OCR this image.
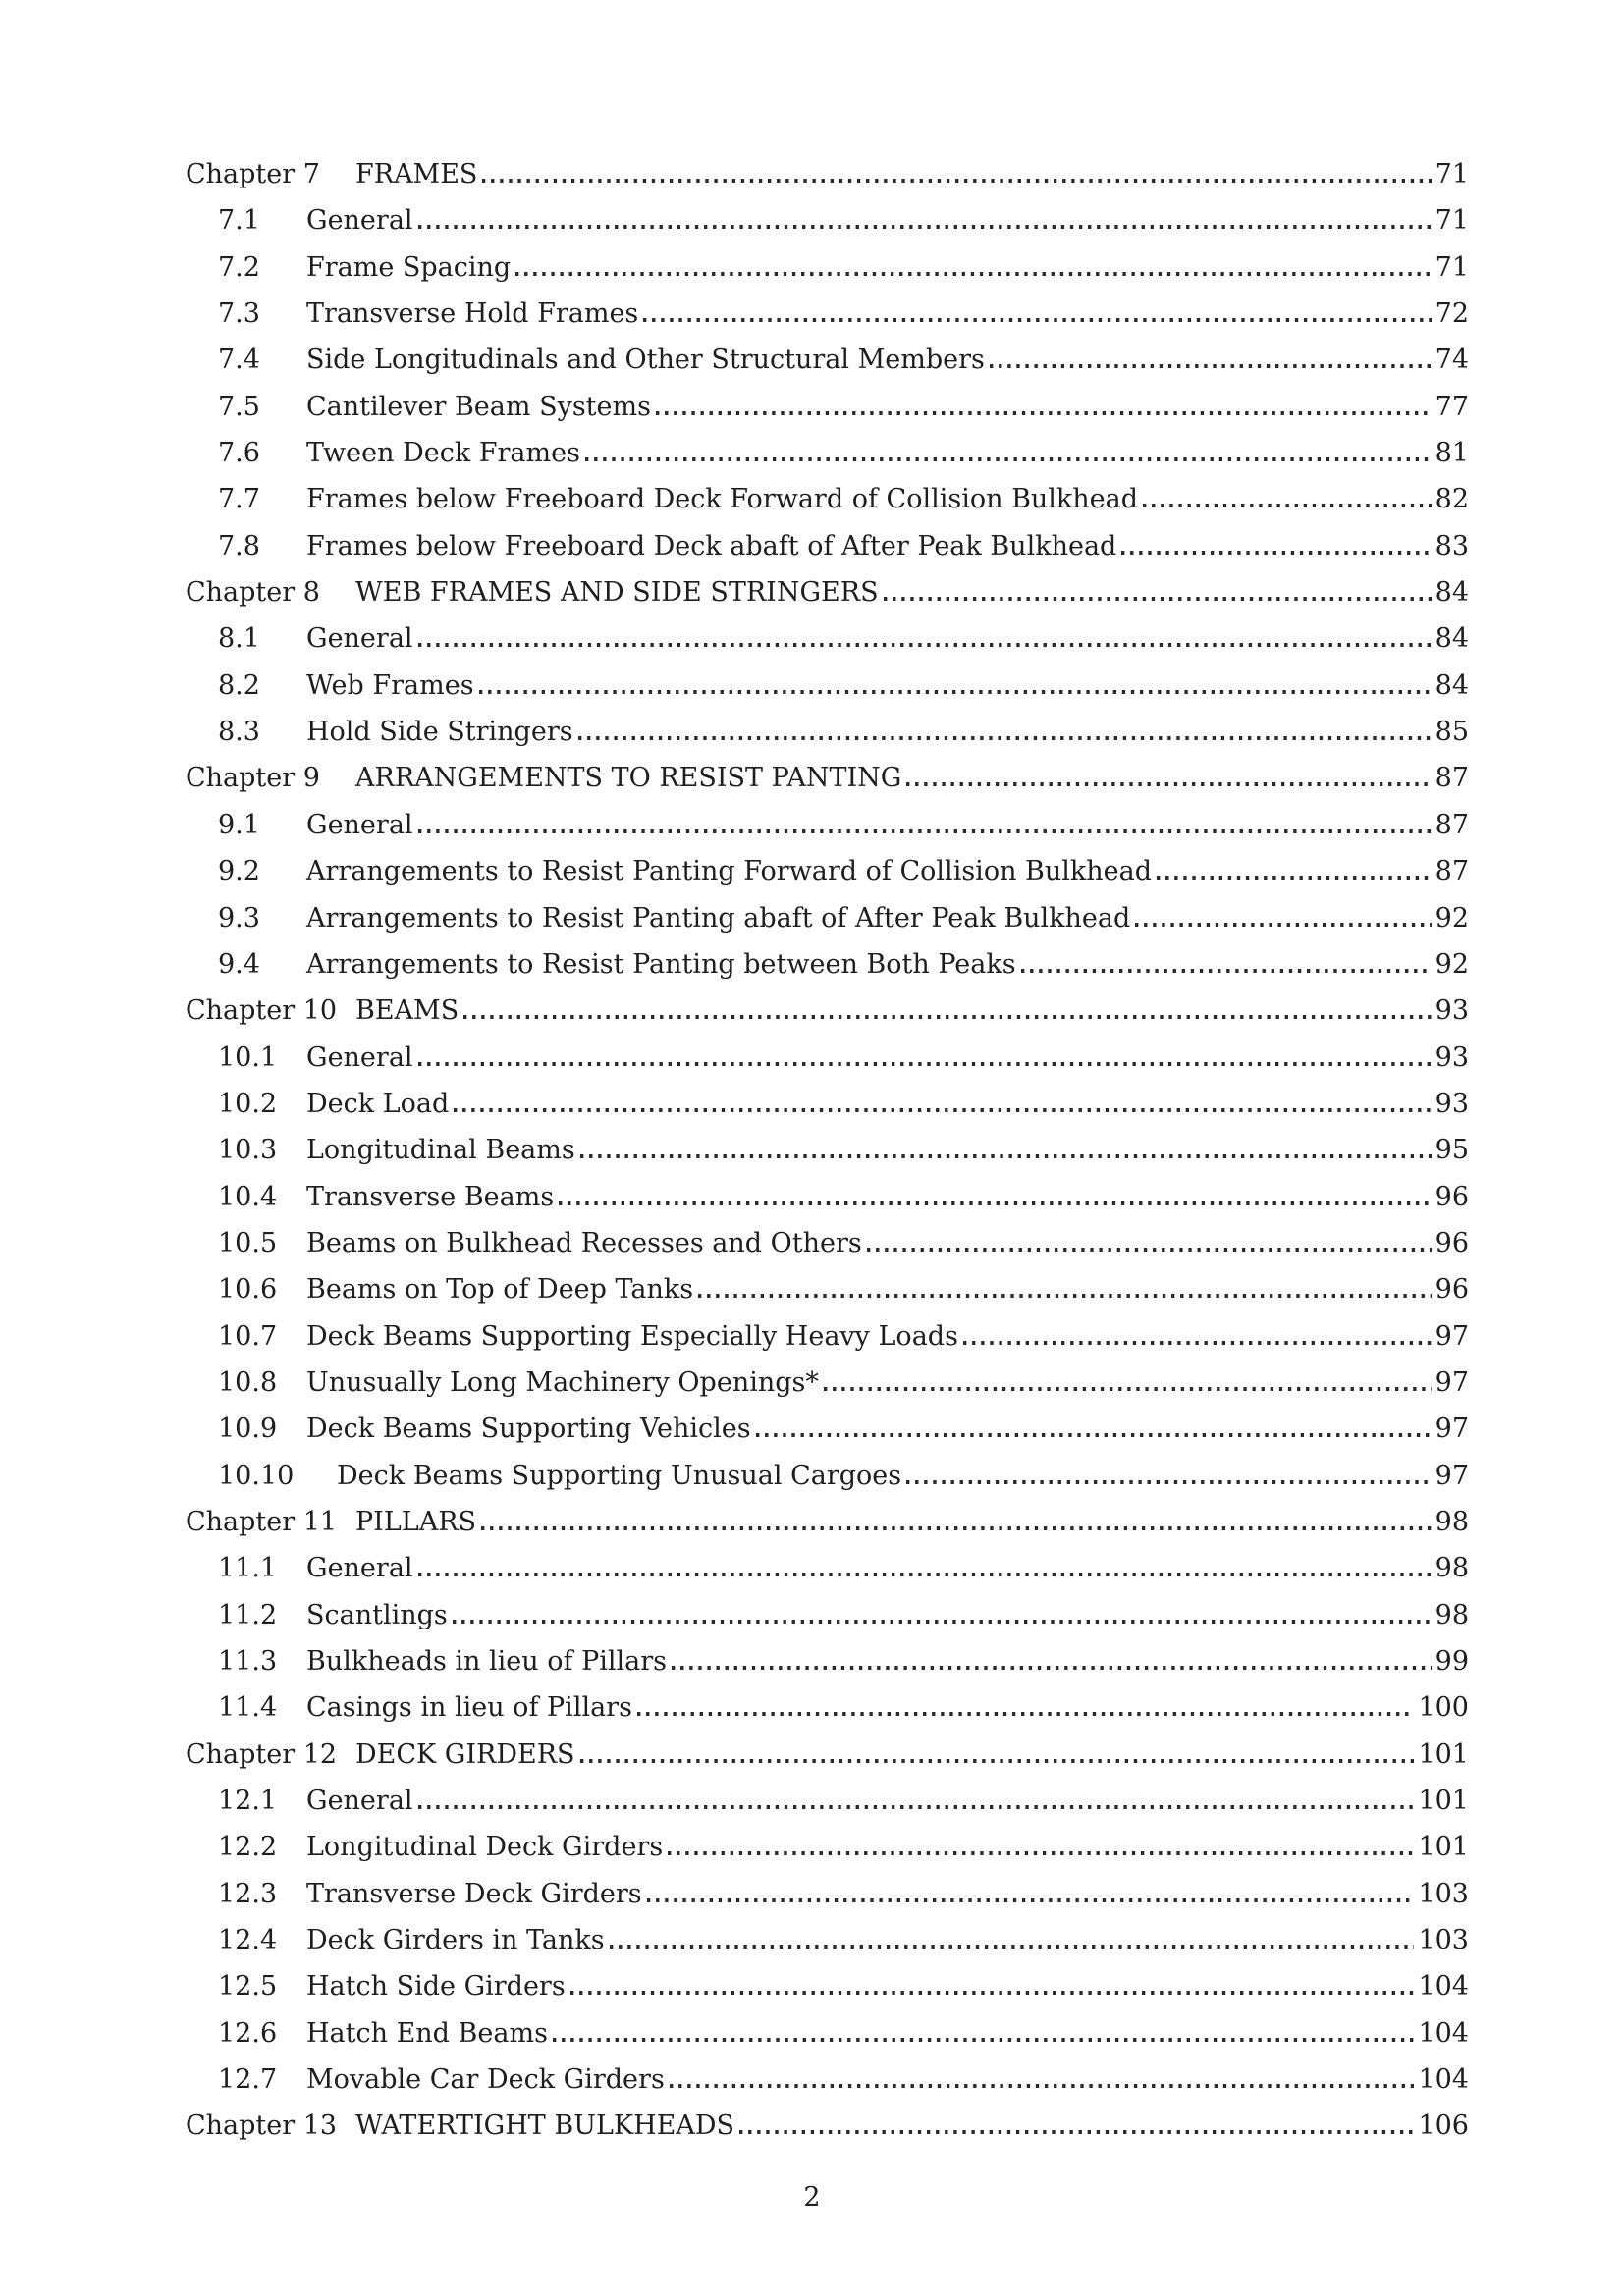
Chapter 7	FRAMES	71
7.1	General	71
7.2	Frame Spacing	71
7.3	Transverse Hold Frames	72
7.4	Side Longitudinals and Other Structural Members	74
7.5	Cantilever Beam Systems	77
7.6	Tween Deck Frames	81
7.7	Frames below Freeboard Deck Forward of Collision Bulkhead	82
7.8	Frames below Freeboard Deck abaft of After Peak Bulkhead	83
Chapter 8	WEB FRAMES AND SIDE STRINGERS	84
8.1	General	84
8.2	Web Frames	84
8.3	Hold Side Stringers	85
Chapter 9	ARRANGEMENTS TO RESIST PANTING	87
9.1	General	87
9.2	Arrangements to Resist Panting Forward of Collision Bulkhead	87
9.3	Arrangements to Resist Panting abaft of After Peak Bulkhead	92
9.4	Arrangements to Resist Panting between Both Peaks	92
Chapter 10 BEAMS	93
10.1	General	93
10.2	Deck Load	93
10.3	Longitudinal Beams	95
10.4	Transverse Beams	96
10.5	Beams on Bulkhead Recesses and Others	96
10.6	Beams on Top of Deep Tanks	96
10.7	Deck Beams Supporting Especially Heavy Loads	97
10.8	Unusually Long Machinery Openings*	97
10.9	Deck Beams Supporting Vehicles	97
10.10	Deck Beams Supporting Unusual Cargoes	97
Chapter 11 PILLARS	98
11.1	General	98
11.2	Scantlings	98
11.3	Bulkheads in lieu of Pillars	99
11.4	Casings in lieu of Pillars	100
Chapter 12 DECK GIRDERS	101
12.1	General	101
12.2	Longitudinal Deck Girders	101
12.3	Transverse Deck Girders	103
12.4	Deck Girders in Tanks	103
12.5	Hatch Side Girders	104
12.6	Hatch End Beams	104
12.7	Movable Car Deck Girders	104
Chapter 13 WATERTIGHT BULKHEADS	106
2
